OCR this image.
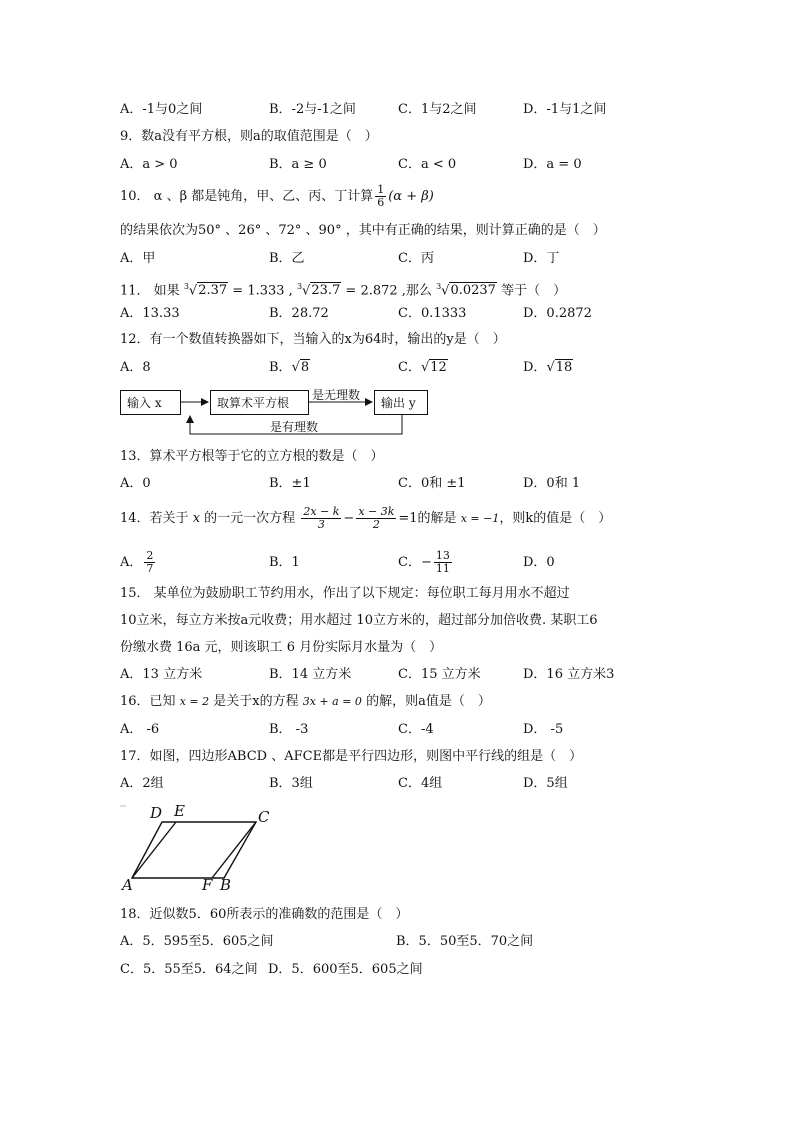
A．-1与0之间	B．-2与-1之间	C．1与2之间	D．-1与1之间
9．数a没有平方根，则a的取值范围是（　）
A．a > 0	B．a ≥ 0	C．a < 0	D．a = 0
10． α 、β 都是钝角，甲、乙、丙、丁计算 $\frac{1}{6} (\alpha + \beta)$
的结果依次为50° 、26° 、72° 、90° ，其中有正确的结果，则计算正确的是（　）
A．甲	B．乙	C．丙	D．丁
11． 如果 $^3$√2.37 = 1.333 , $^3$√23.7 = 2.872 ,那么 $^3$√0.0237 等于（　）
A．13.33	B．28.72	C．0.1333	D．0.2872
12．有一个数值转换器如下，当输入的x为64时，输出的y是（　）
A．8	B．√8	C．√12	D．√18
输入 x	取算术平方根	输出 y
是无理数
是有理数
13．算术平方根等于它的立方根的数是（　）
A．0	B．±1	C．0和 ±1	D．0和 1
14．若关于 x 的一元一次方程 $\frac{2x - k}{3} - \frac{x - 3k}{2} =1$的解是 x = −1，则k的值是（　）
A． $\frac{2}{7}$	B．1	C．− $\frac{13}{11}$	D．0
15． 某单位为鼓励职工节约用水，作出了以下规定：每位职工每月用水不超过
10立米，每立方米按a元收费；用水超过 10立方米的，超过部分加倍收费. 某职工6
份缴水费 16a 元，则该职工 6 月份实际月水量为（　）
A．13 立方米	B．14 立方米	C．15 立方米	D．16 立方米3
16．已知 x = 2 是关于x的方程 3x + a = 0 的解，则a值是（　）
A． -6	B． -3	C．-4	D． -5
17．如图，四边形ABCD 、AFCE都是平行四边形，则图中平行线的组是（　）
A．2组	B．3组	C．4组	D．5组
D E	C
A	F B
18．近似数5．60所表示的准确数的范围是（　）
A．5．595至5．605之间	B．5．50至5．70之间
C．5．55至5．64之间 D．5．600至5．605之间
